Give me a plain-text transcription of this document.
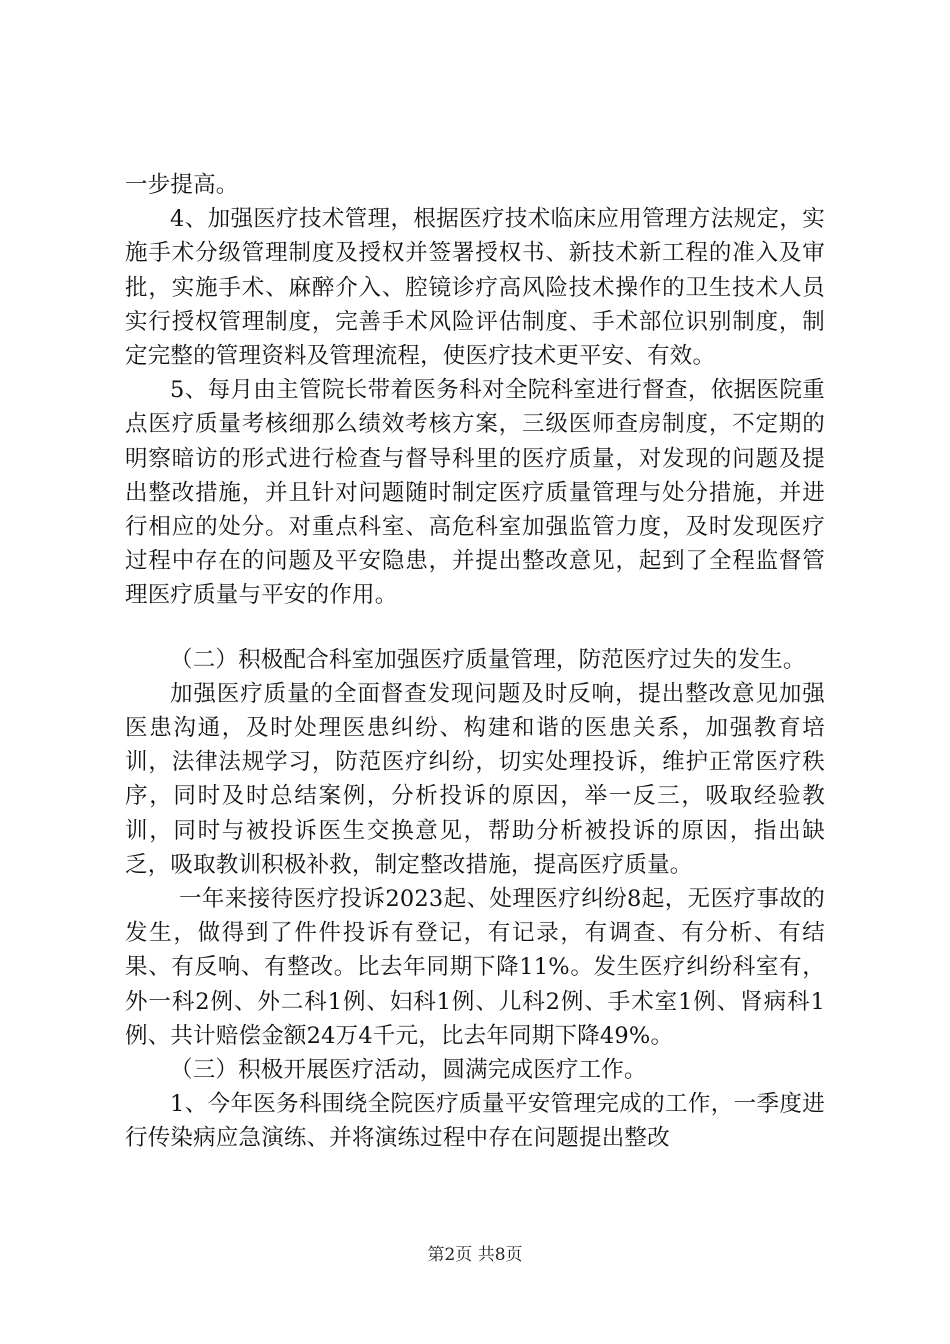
一步提高。

4、加强医疗技术管理，根据医疗技术临床应用管理方法规定，实施手术分级管理制度及授权并签署授权书、新技术新工程的准入及审批，实施手术、麻醉介入、腔镜诊疗高风险技术操作的卫生技术人员实行授权管理制度，完善手术风险评估制度、手术部位识别制度，制定完整的管理资料及管理流程，使医疗技术更平安、有效。

5、每月由主管院长带着医务科对全院科室进行督查，依据医院重点医疗质量考核细那么绩效考核方案，三级医师查房制度，不定期的明察暗访的形式进行检查与督导科里的医疗质量，对发现的问题及提出整改措施，并且针对问题随时制定医疗质量管理与处分措施，并进行相应的处分。对重点科室、高危科室加强监管力度，及时发现医疗过程中存在的问题及平安隐患，并提出整改意见，起到了全程监督管理医疗质量与平安的作用。

（二）积极配合科室加强医疗质量管理，防范医疗过失的发生。

加强医疗质量的全面督查发现问题及时反响，提出整改意见加强医患沟通，及时处理医患纠纷、构建和谐的医患关系，加强教育培训，法律法规学习，防范医疗纠纷，切实处理投诉，维护正常医疗秩序，同时及时总结案例，分析投诉的原因，举一反三，吸取经验教训，同时与被投诉医生交换意见，帮助分析被投诉的原因，指出缺乏，吸取教训积极补救，制定整改措施，提高医疗质量。

一年来接待医疗投诉2023起、处理医疗纠纷8起，无医疗事故的发生，做得到了件件投诉有登记，有记录，有调查、有分析、有结果、有反响、有整改。比去年同期下降11%。发生医疗纠纷科室有，外一科2例、外二科1例、妇科1例、儿科2例、手术室1例、肾病科1例、共计赔偿金额24万4千元，比去年同期下降49%。

（三）积极开展医疗活动，圆满完成医疗工作。

1、今年医务科围绕全院医疗质量平安管理完成的工作，一季度进行传染病应急演练、并将演练过程中存在问题提出整改

第2页 共8页
